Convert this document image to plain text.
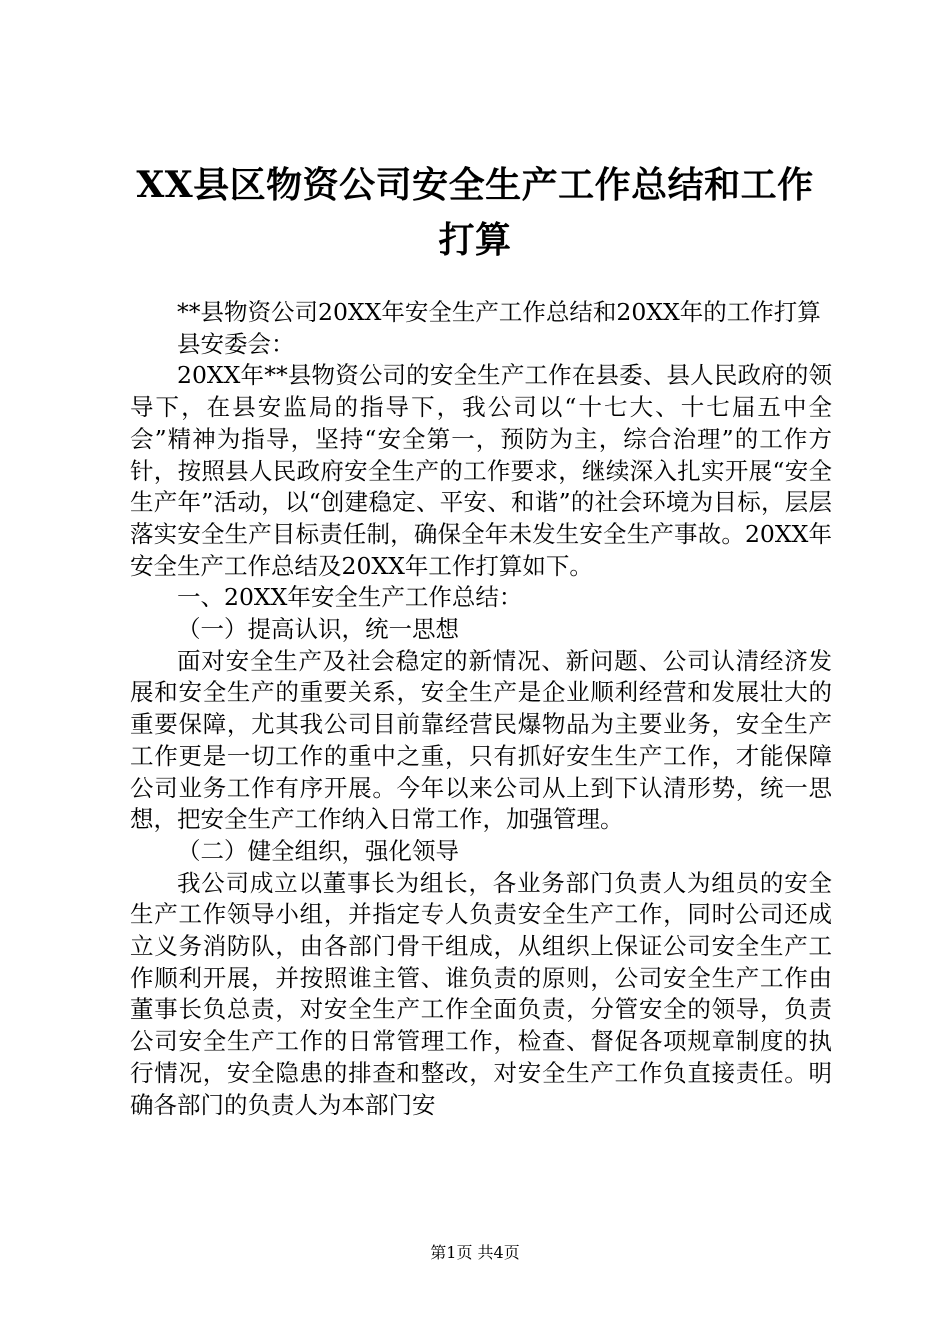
XX县区物资公司安全生产工作总结和工作打算

**县物资公司20XX年安全生产工作总结和20XX年的工作打算

县安委会：

20XX年**县物资公司的安全生产工作在县委、县人民政府的领导下，在县安监局的指导下，我公司以“十七大、十七届五中全会”精神为指导，坚持“安全第一，预防为主，综合治理”的工作方针，按照县人民政府安全生产的工作要求，继续深入扎实开展“安全生产年”活动，以“创建稳定、平安、和谐”的社会环境为目标，层层落实安全生产目标责任制，确保全年未发生安全生产事故。20XX年安全生产工作总结及20XX年工作打算如下。

一、20XX年安全生产工作总结：

（一）提高认识，统一思想

面对安全生产及社会稳定的新情况、新问题、公司认清经济发展和安全生产的重要关系，安全生产是企业顺利经营和发展壮大的重要保障，尤其我公司目前靠经营民爆物品为主要业务，安全生产工作更是一切工作的重中之重，只有抓好安生生产工作，才能保障公司业务工作有序开展。今年以来公司从上到下认清形势，统一思想，把安全生产工作纳入日常工作，加强管理。

（二）健全组织，强化领导

我公司成立以董事长为组长，各业务部门负责人为组员的安全生产工作领导小组，并指定专人负责安全生产工作，同时公司还成立义务消防队，由各部门骨干组成，从组织上保证公司安全生产工作顺利开展，并按照谁主管、谁负责的原则，公司安全生产工作由董事长负总责，对安全生产工作全面负责，分管安全的领导，负责公司安全生产工作的日常管理工作，检查、督促各项规章制度的执行情况，安全隐患的排查和整改，对安全生产工作负直接责任。明确各部门的负责人为本部门安

第1页 共4页
